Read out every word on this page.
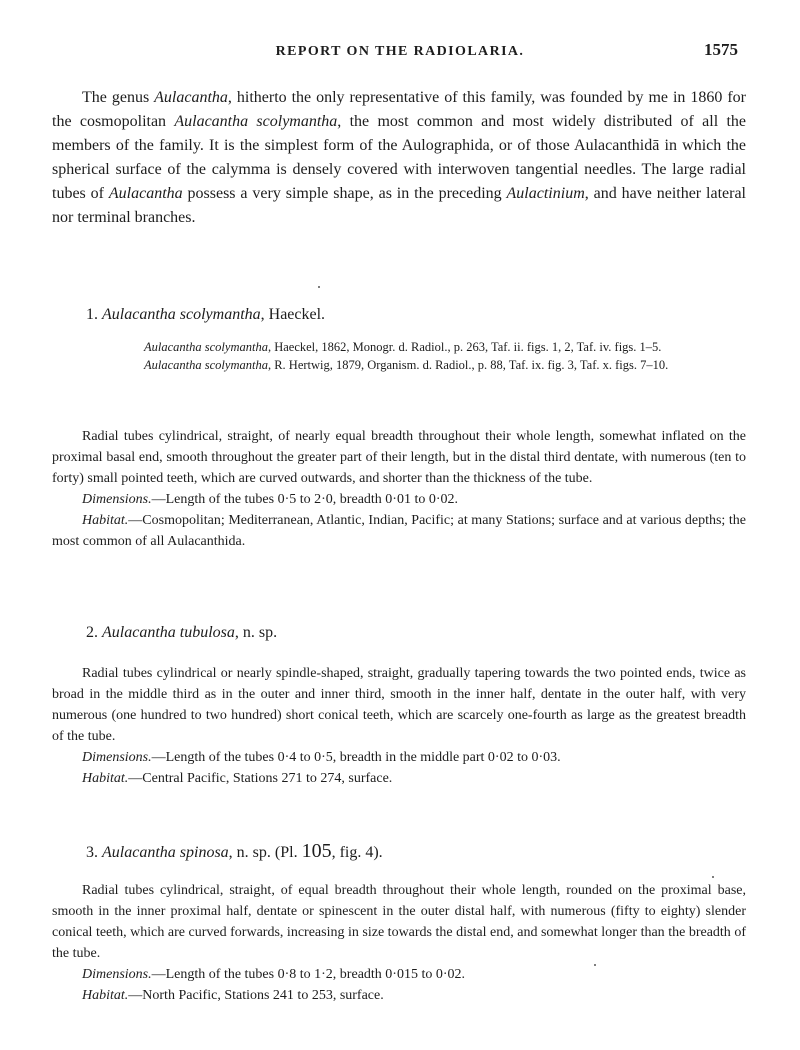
REPORT ON THE RADIOLARIA.	1575
The genus Aulacantha, hitherto the only representative of this family, was founded by me in 1860 for the cosmopolitan Aulacantha scolymantha, the most common and most widely distributed of all the members of the family. It is the simplest form of the Aulographida, or of those Aulacanthidā in which the spherical surface of the calymma is densely covered with interwoven tangential needles. The large radial tubes of Aulacantha possess a very simple shape, as in the preceding Aulactinium, and have neither lateral nor terminal branches.
1. Aulacantha scolymantha, Haeckel.

Aulacantha scolymantha, Haeckel, 1862, Monogr. d. Radiol., p. 263, Taf. ii. figs. 1, 2, Taf. iv. figs. 1–5.

Aulacantha scolymantha, R. Hertwig, 1879, Organism. d. Radiol., p. 88, Taf. ix. fig. 3, Taf. x. figs. 7–10.

Radial tubes cylindrical, straight, of nearly equal breadth throughout their whole length, somewhat inflated on the proximal basal end, smooth throughout the greater part of their length, but in the distal third dentate, with numerous (ten to forty) small pointed teeth, which are curved outwards, and shorter than the thickness of the tube.

Dimensions.—Length of the tubes 0·5 to 2·0, breadth 0·01 to 0·02.

Habitat.—Cosmopolitan; Mediterranean, Atlantic, Indian, Pacific; at many Stations; surface and at various depths; the most common of all Aulacanthida.

2. Aulacantha tubulosa, n. sp.

Radial tubes cylindrical or nearly spindle-shaped, straight, gradually tapering towards the two pointed ends, twice as broad in the middle third as in the outer and inner third, smooth in the inner half, dentate in the outer half, with very numerous (one hundred to two hundred) short conical teeth, which are scarcely one-fourth as large as the greatest breadth of the tube.

Dimensions.—Length of the tubes 0·4 to 0·5, breadth in the middle part 0·02 to 0·03.

Habitat.—Central Pacific, Stations 271 to 274, surface.

3. Aulacantha spinosa, n. sp. (Pl. 105, fig. 4).

Radial tubes cylindrical, straight, of equal breadth throughout their whole length, rounded on the proximal base, smooth in the inner proximal half, dentate or spinescent in the outer distal half, with numerous (fifty to eighty) slender conical teeth, which are curved forwards, increasing in size towards the distal end, and somewhat longer than the breadth of the tube.

Dimensions.—Length of the tubes 0·8 to 1·2, breadth 0·015 to 0·02.

Habitat.—North Pacific, Stations 241 to 253, surface.
